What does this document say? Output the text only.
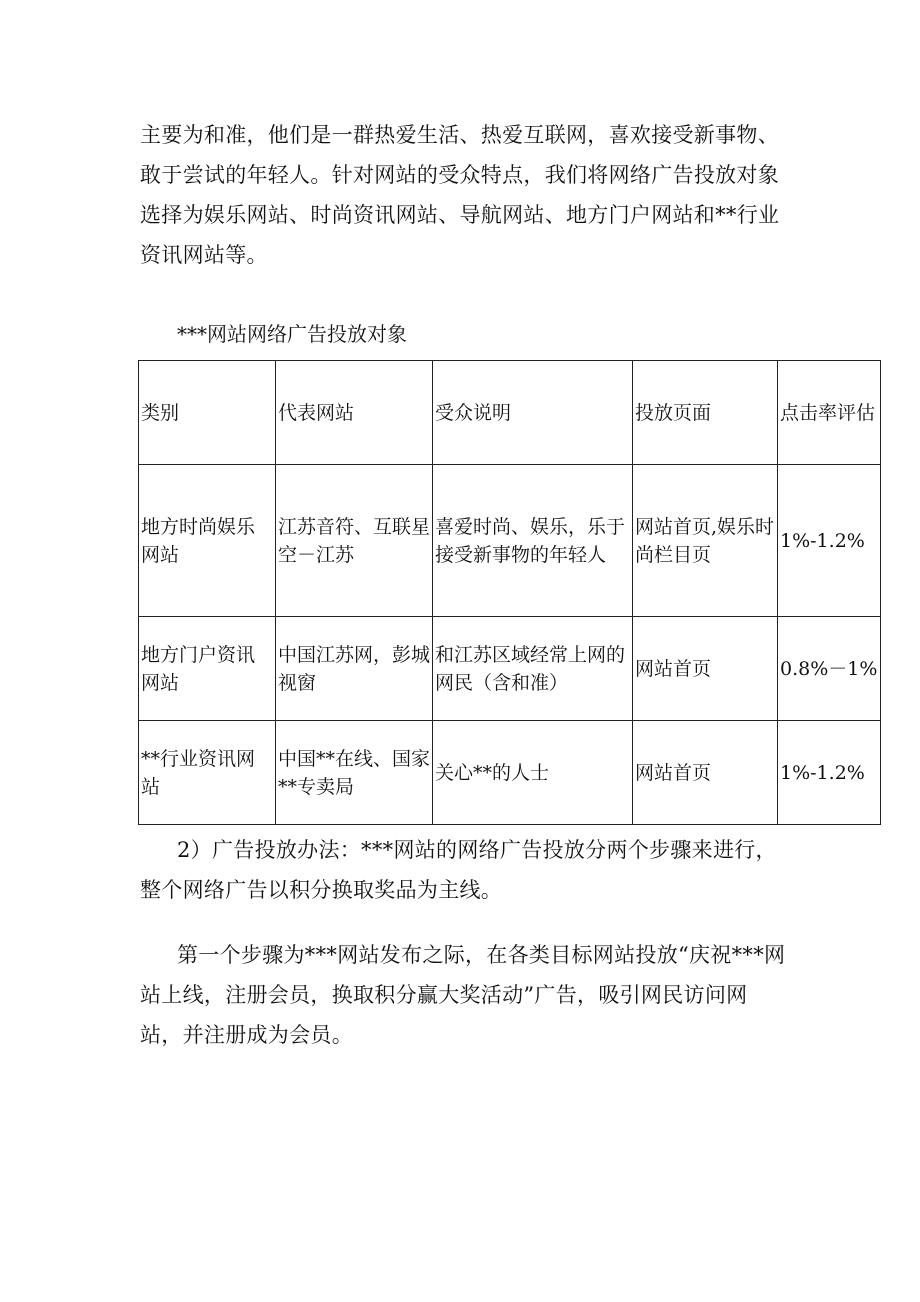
主要为和准，他们是一群热爱生活、热爱互联网，喜欢接受新事物、敢于尝试的年轻人。针对网站的受众特点，我们将网络广告投放对象选择为娱乐网站、时尚资讯网站、导航网站、地方门户网站和**行业资讯网站等。

***网站网络广告投放对象
类别	代表网站	受众说明	投放页面	点击率评估
地方时尚娱乐网站	江苏音符、互联星空－江苏	喜爱时尚、娱乐，乐于接受新事物的年轻人	网站首页,娱乐时尚栏目页	1%-1.2%
地方门户资讯网站	中国江苏网，彭城视窗	和江苏区域经常上网的网民（含和准）	网站首页	0.8%－1%
**行业资讯网站	中国**在线、国家**专卖局	关心**的人士	网站首页	1%-1.2%

2）广告投放办法：***网站的网络广告投放分两个步骤来进行，整个网络广告以积分换取奖品为主线。

第一个步骤为***网站发布之际，在各类目标网站投放“庆祝***网站上线，注册会员，换取积分赢大奖活动”广告，吸引网民访问网站，并注册成为会员。
